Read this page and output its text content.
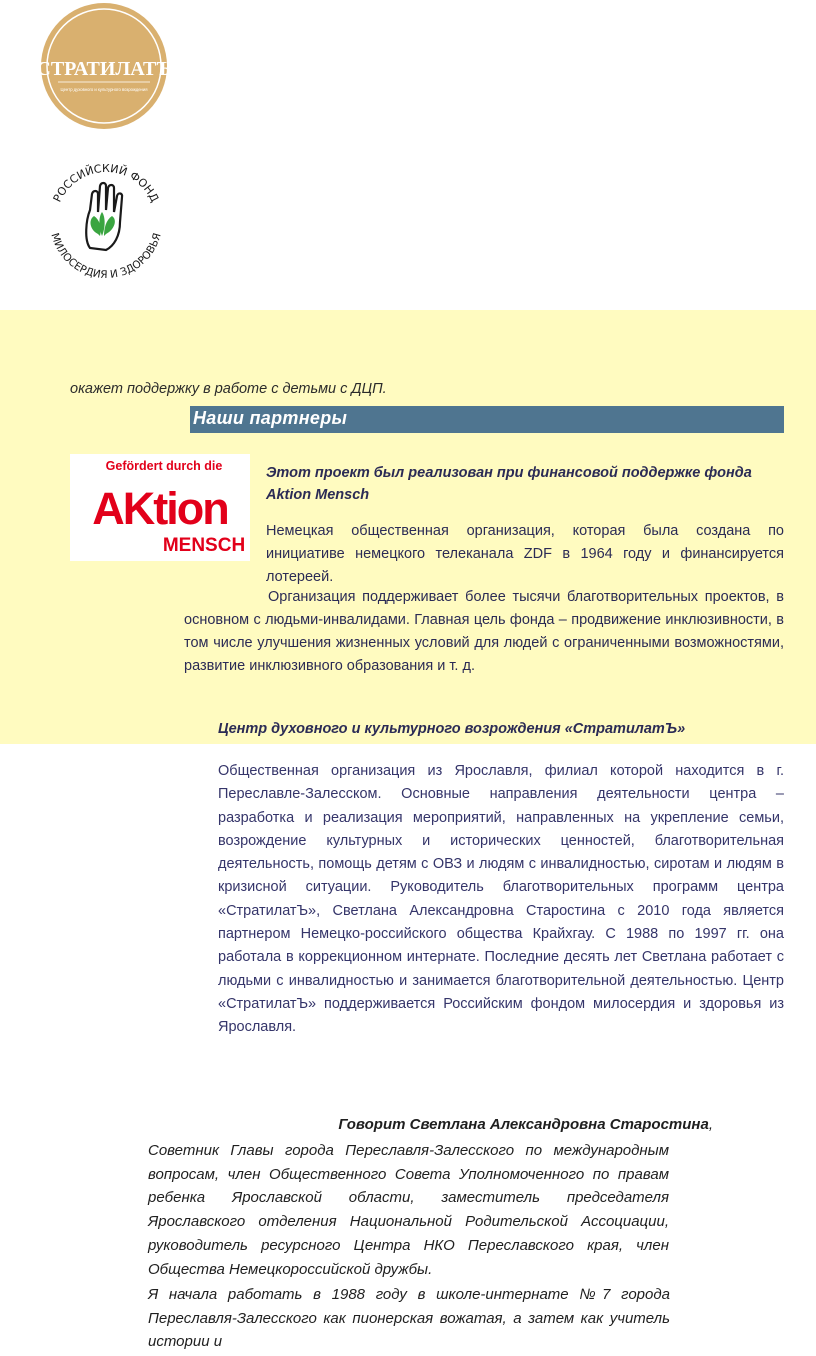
СТРАТИЛАТЪ
Центр духовного и культурного возрождения
РОССИЙСКИЙ ФОНД
МИЛОСЕРДИЯ И ЗДОРОВЬЯ
окажет поддержку в работе с детьми с ДЦП.
Наши партнеры
Gefördert durch die
AKtion
MENSCH
Этот проект был реализован при финансовой поддержке фонда Aktion Mensch
Немецкая общественная организация, которая была создана по инициативе немецкого телеканала ZDF в 1964 году и финансируется лотереей.
Организация поддерживает более тысячи благотворительных проектов, в основном с людьми-инвалидами. Главная цель фонда – продвижение инклюзивности, в том числе улучшения жизненных условий для людей с ограниченными возможностями, развитие инклюзивного образования и т. д.
Центр духовного и культурного возрождения «СтратилатЪ»
Общественная организация из Ярославля, филиал которой находится в г. Переславле-Залесском. Основные направления деятельности центра – разработка и реализация мероприятий, направленных на укрепление семьи, возрождение культурных и исторических ценностей, благотворительная деятельность, помощь детям с ОВЗ и людям с инвалидностью, сиротам и людям в кризисной ситуации. Руководитель благотворительных программ центра «СтратилатЪ», Светлана Александровна Старостина с 2010 года является партнером Немецко-российского общества Крайхгау. С 1988 по 1997 гг. она работала в коррекционном интернате. Последние десять лет Светлана работает с людьми с инвалидностью и занимается благотворительной деятельностью. Центр «СтратилатЪ» поддерживается Российским фондом милосердия и здоровья из Ярославля.
Говорит Светлана Александровна Старостина,
Советник Главы города Переславля-Залесского по международным вопросам, член Общественного Совета Уполномоченного по правам ребенка Ярославской области, заместитель председателя Ярославского отделения Национальной Родительской Ассоциации, руководитель ресурсного Центра НКО Переславского края, член Общества Немецкороссийской дружбы.
Я начала работать в 1988 году в школе-интернате №7 города Переславля-Залесского как пионерская вожатая, а затем как учитель истории и
